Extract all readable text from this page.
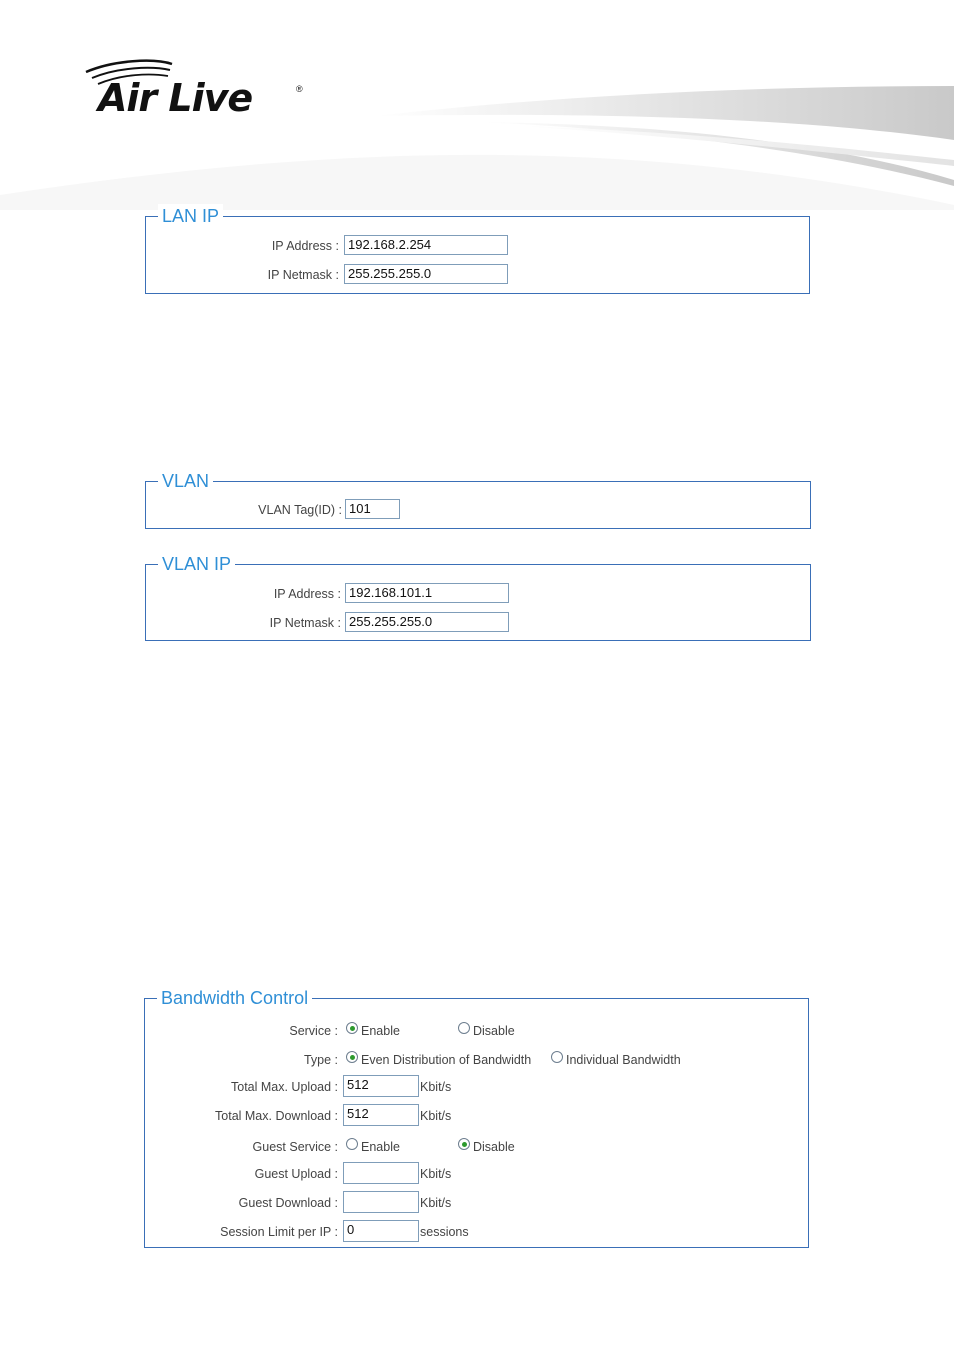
Air Live	®
LAN IP
IP Address : 192.168.2.254
IP Netmask : 255.255.255.0
VLAN
VLAN Tag(ID) : 101
VLAN IP
IP Address : 192.168.101.1
IP Netmask : 255.255.255.0
Bandwidth Control
Service : Enable	Disable
Type : Even Distribution of Bandwidth	Individual Bandwidth
Total Max. Upload : 512	Kbit/s
Total Max. Download : 512	Kbit/s
Guest Service : Enable	Disable
Guest Upload :	Kbit/s
Guest Download :	Kbit/s
Session Limit per IP : 0	sessions
